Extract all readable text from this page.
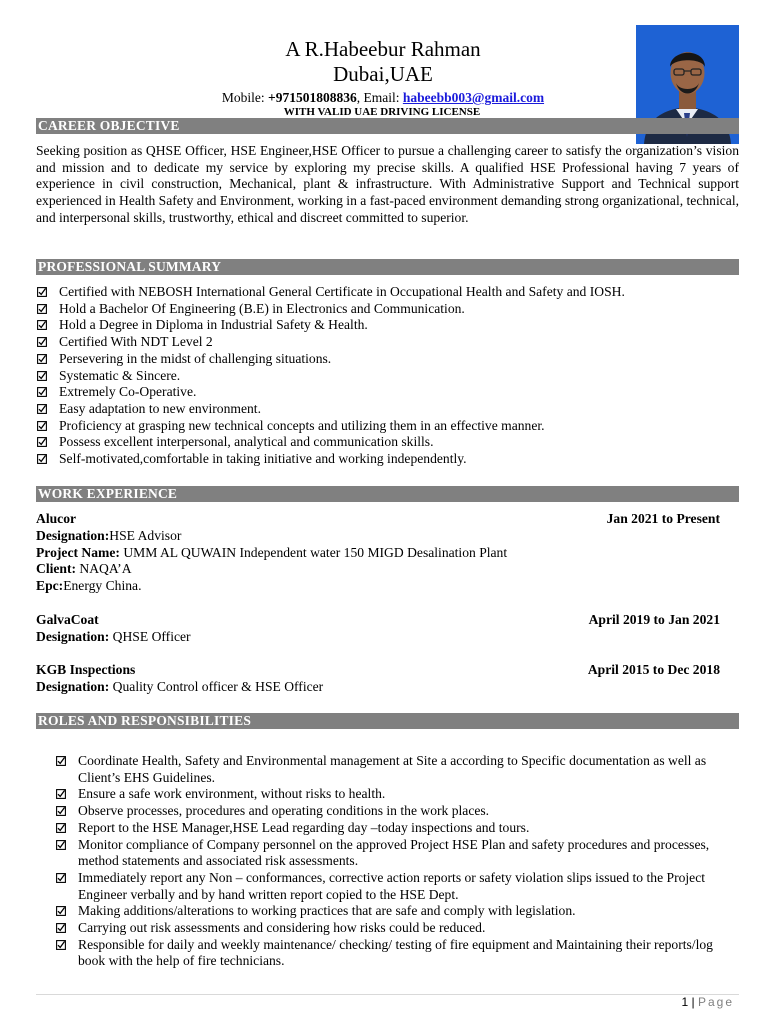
A R.Habeebur Rahman
Dubai,UAE
Mobile: +971501808836, Email: habeebb003@gmail.com
WITH VALID UAE DRIVING LICENSE
CAREER OBJECTIVE
Seeking position as QHSE Officer, HSE Engineer,HSE Officer to pursue a challenging career to satisfy the organization’s vision and mission and to dedicate my service by exploring my precise skills. A qualified HSE Professional having 7 years of experience in civil construction, Mechanical, plant & infrastructure. With Administrative Support and Technical support experienced in Health Safety and Environment, working in a fast-paced environment demanding strong organizational, technical, and interpersonal skills, trustworthy, ethical and discreet committed to superior.
PROFESSIONAL SUMMARY
Certified with NEBOSH International General Certificate in Occupational Health and Safety and IOSH.
Hold a Bachelor Of Engineering (B.E) in Electronics and Communication.
Hold a Degree in Diploma in Industrial Safety & Health.
Certified With NDT Level 2
Persevering in the midst of challenging situations.
Systematic & Sincere.
Extremely Co-Operative.
Easy adaptation to new environment.
Proficiency at grasping new technical concepts and utilizing them in an effective manner.
Possess excellent interpersonal, analytical and communication skills.
Self-motivated,comfortable in taking initiative and working independently.
WORK EXPERIENCE
Alucor	Jan 2021 to Present
Designation:HSE Advisor
Project Name: UMM AL QUWAIN Independent water 150 MIGD Desalination Plant
Client: NAQA’A
Epc:Energy China.
GalvaCoat	April 2019 to Jan 2021
Designation: QHSE Officer
KGB Inspections	April 2015 to Dec 2018
Designation: Quality Control officer & HSE Officer
ROLES AND RESPONSIBILITIES
Coordinate Health, Safety and Environmental management at Site a according to Specific documentation as well as Client’s EHS Guidelines.
Ensure a safe work environment, without risks to health.
Observe processes, procedures and operating conditions in the work places.
Report to the HSE Manager,HSE Lead regarding day –today inspections and tours.
Monitor compliance of Company personnel on the approved Project HSE Plan and safety procedures and processes, method statements and associated risk assessments.
Immediately report any Non – conformances, corrective action reports or safety violation slips issued to the Project Engineer verbally and by hand written report copied to the HSE Dept.
Making additions/alterations to working practices that are safe and comply with legislation.
Carrying out risk assessments and considering how risks could be reduced.
Responsible for daily and weekly maintenance/ checking/ testing of fire equipment and Maintaining their reports/log book with the help of fire technicians.
1 | Page
